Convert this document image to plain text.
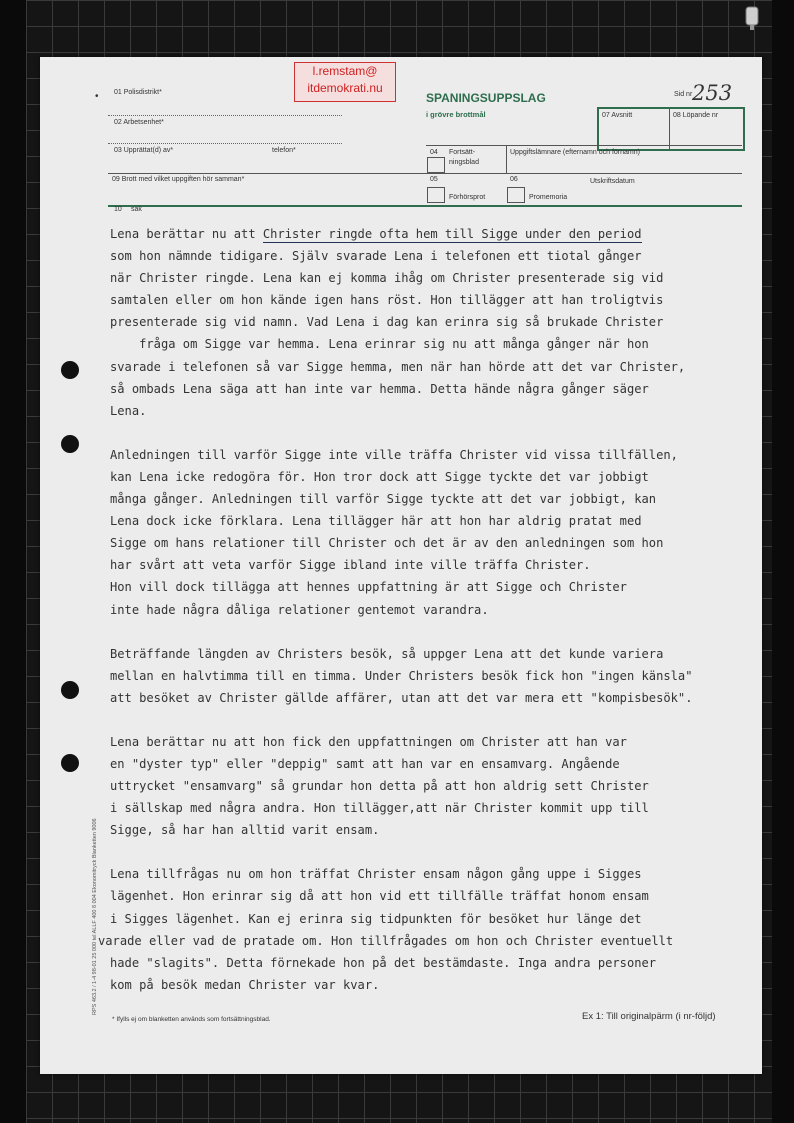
l.remstam@
itdemokrati.nu
• 01 Polisdistrikt*
02 Arbetsenhet*
03 Upprättat(d) av*	telefon*
SPANINGSUPPSLAG
i grövre brottmål
Sid nr 253
07 Avsnitt	08 Löpande nr
04 Fortsätt-
ningsblad
Uppgiftslämnare (efternamn och förnamn)
09 Brott med vilket uppgiften hör samman*	05
Förhörsprot
06
Promemoria
Utskriftsdatum
10 sak
Lena berättar nu att Christer ringde ofta hem till Sigge under den period
som hon nämnde tidigare. Själv svarade Lena i telefonen ett tiotal gånger
när Christer ringde. Lena kan ej komma ihåg om Christer presenterade sig vid
samtalen eller om hon kände igen hans röst. Hon tillägger att han troligtvis
presenterade sig vid namn. Vad Lena i dag kan erinra sig så brukade Christer
fråga om Sigge var hemma. Lena erinrar sig nu att många gånger när hon
svarade i telefonen så var Sigge hemma, men när han hörde att det var Christer,
så ombads Lena säga att han inte var hemma. Detta hände några gånger säger
Lena.
Anledningen till varför Sigge inte ville träffa Christer vid vissa tillfällen,
kan Lena icke redogöra för. Hon tror dock att Sigge tyckte det var jobbigt
många gånger. Anledningen till varför Sigge tyckte att det var jobbigt, kan
Lena dock icke förklara. Lena tillägger här att hon har aldrig pratat med
Sigge om hans relationer till Christer och det är av den anledningen som hon
har svårt att veta varför Sigge ibland inte ville träffa Christer.
Hon vill dock tillägga att hennes uppfattning är att Sigge och Christer
inte hade några dåliga relationer gentemot varandra.
Beträffande längden av Christers besök, så uppger Lena att det kunde variera
mellan en halvtimma till en timma. Under Christers besök fick hon "ingen känsla"
att besöket av Christer gällde affärer, utan att det var mera ett "kompisbesök".
Lena berättar nu att hon fick den uppfattningen om Christer att han var
en "dyster typ" eller "deppig" samt att han var en ensamvarg. Angående
uttrycket "ensamvarg" så grundar hon detta på att hon aldrig sett Christer
i sällskap med några andra. Hon tillägger,att när Christer kommit upp till
Sigge, så har han alltid varit ensam.
Lena tillfrågas nu om hon träffat Christer ensam någon gång uppe i Sigges
lägenhet. Hon erinrar sig då att hon vid ett tillfälle träffat honom ensam
i Sigges lägenhet. Kan ej erinra sig tidpunkten för besöket hur länge det
varade eller vad de pratade om. Hon tillfrågades om hon och Christer eventuellt
hade "slagits". Detta förnekade hon på det bestämdaste. Inga andra personer
kom på besök medan Christer var kvar.
RPS 463.2 / 1-4 98-01 25 000 tel ALLF 400 8 004 Ekonomitryck Blanketten 9006
* Ifylls ej om blanketten används som fortsättningsblad.	Ex 1: Till originalpärm (i nr-följd)
